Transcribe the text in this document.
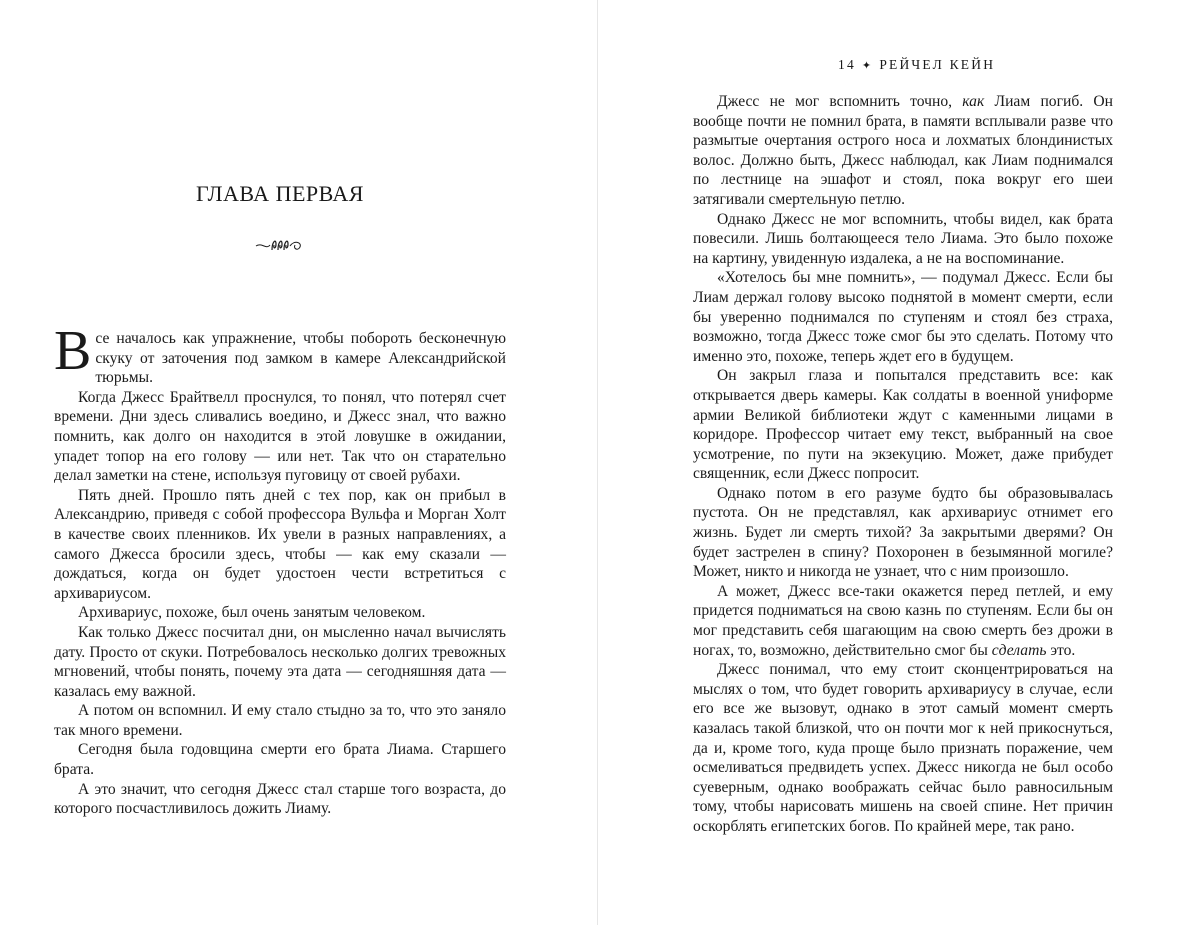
ГЛАВА ПЕРВАЯ

Все началось как упражнение, чтобы побороть бесконечную скуку от заточения под замком в камере Александрийской тюрьмы.

Когда Джесс Брайтвелл проснулся, то понял, что потерял счет времени. Дни здесь сливались воедино, и Джесс знал, что важно помнить, как долго он находится в этой ловушке в ожидании, упадет топор на его голову — или нет. Так что он старательно делал заметки на стене, используя пуговицу от своей рубахи.

Пять дней. Прошло пять дней с тех пор, как он прибыл в Александрию, приведя с собой профессора Вульфа и Морган Холт в качестве своих пленников. Их увели в разных направлениях, а самого Джесса бросили здесь, чтобы — как ему сказали — дождаться, когда он будет удостоен чести встретиться с архивариусом.

Архивариус, похоже, был очень занятым человеком.

Как только Джесс посчитал дни, он мысленно начал вычислять дату. Просто от скуки. Потребовалось несколько долгих тревожных мгновений, чтобы понять, почему эта дата — сегодняшняя дата — казалась ему важной.

А потом он вспомнил. И ему стало стыдно за то, что это заняло так много времени.

Сегодня была годовщина смерти его брата Лиама. Старшего брата.

А это значит, что сегодня Джесс стал старше того возраста, до которого посчастливилось дожить Лиаму.

14 ✦ РЕЙЧЕЛ КЕЙН

Джесс не мог вспомнить точно, как Лиам погиб. Он вообще почти не помнил брата, в памяти всплывали разве что размытые очертания острого носа и лохматых блондинистых волос. Должно быть, Джесс наблюдал, как Лиам поднимался по лестнице на эшафот и стоял, пока вокруг его шеи затягивали смертельную петлю.

Однако Джесс не мог вспомнить, чтобы видел, как брата повесили. Лишь болтающееся тело Лиама. Это было похоже на картину, увиденную издалека, а не на воспоминание.

«Хотелось бы мне помнить», — подумал Джесс. Если бы Лиам держал голову высоко поднятой в момент смерти, если бы уверенно поднимался по ступеням и стоял без страха, возможно, тогда Джесс тоже смог бы это сделать. Потому что именно это, похоже, теперь ждет его в будущем.

Он закрыл глаза и попытался представить все: как открывается дверь камеры. Как солдаты в военной униформе армии Великой библиотеки ждут с каменными лицами в коридоре. Профессор читает ему текст, выбранный на свое усмотрение, по пути на экзекуцию. Может, даже прибудет священник, если Джесс попросит.

Однако потом в его разуме будто бы образовывалась пустота. Он не представлял, как архивариус отнимет его жизнь. Будет ли смерть тихой? За закрытыми дверями? Он будет застрелен в спину? Похоронен в безымянной могиле? Может, никто и никогда не узнает, что с ним произошло.

А может, Джесс все-таки окажется перед петлей, и ему придется подниматься на свою казнь по ступеням. Если бы он мог представить себя шагающим на свою смерть без дрожи в ногах, то, возможно, действительно смог бы сделать это.

Джесс понимал, что ему стоит сконцентрироваться на мыслях о том, что будет говорить архивариусу в случае, если его все же вызовут, однако в этот самый момент смерть казалась такой близкой, что он почти мог к ней прикоснуться, да и, кроме того, куда проще было признать поражение, чем осмеливаться предвидеть успех. Джесс никогда не был особо суеверным, однако воображать сейчас было равносильным тому, чтобы нарисовать мишень на своей спине. Нет причин оскорблять египетских богов. По крайней мере, так рано.
